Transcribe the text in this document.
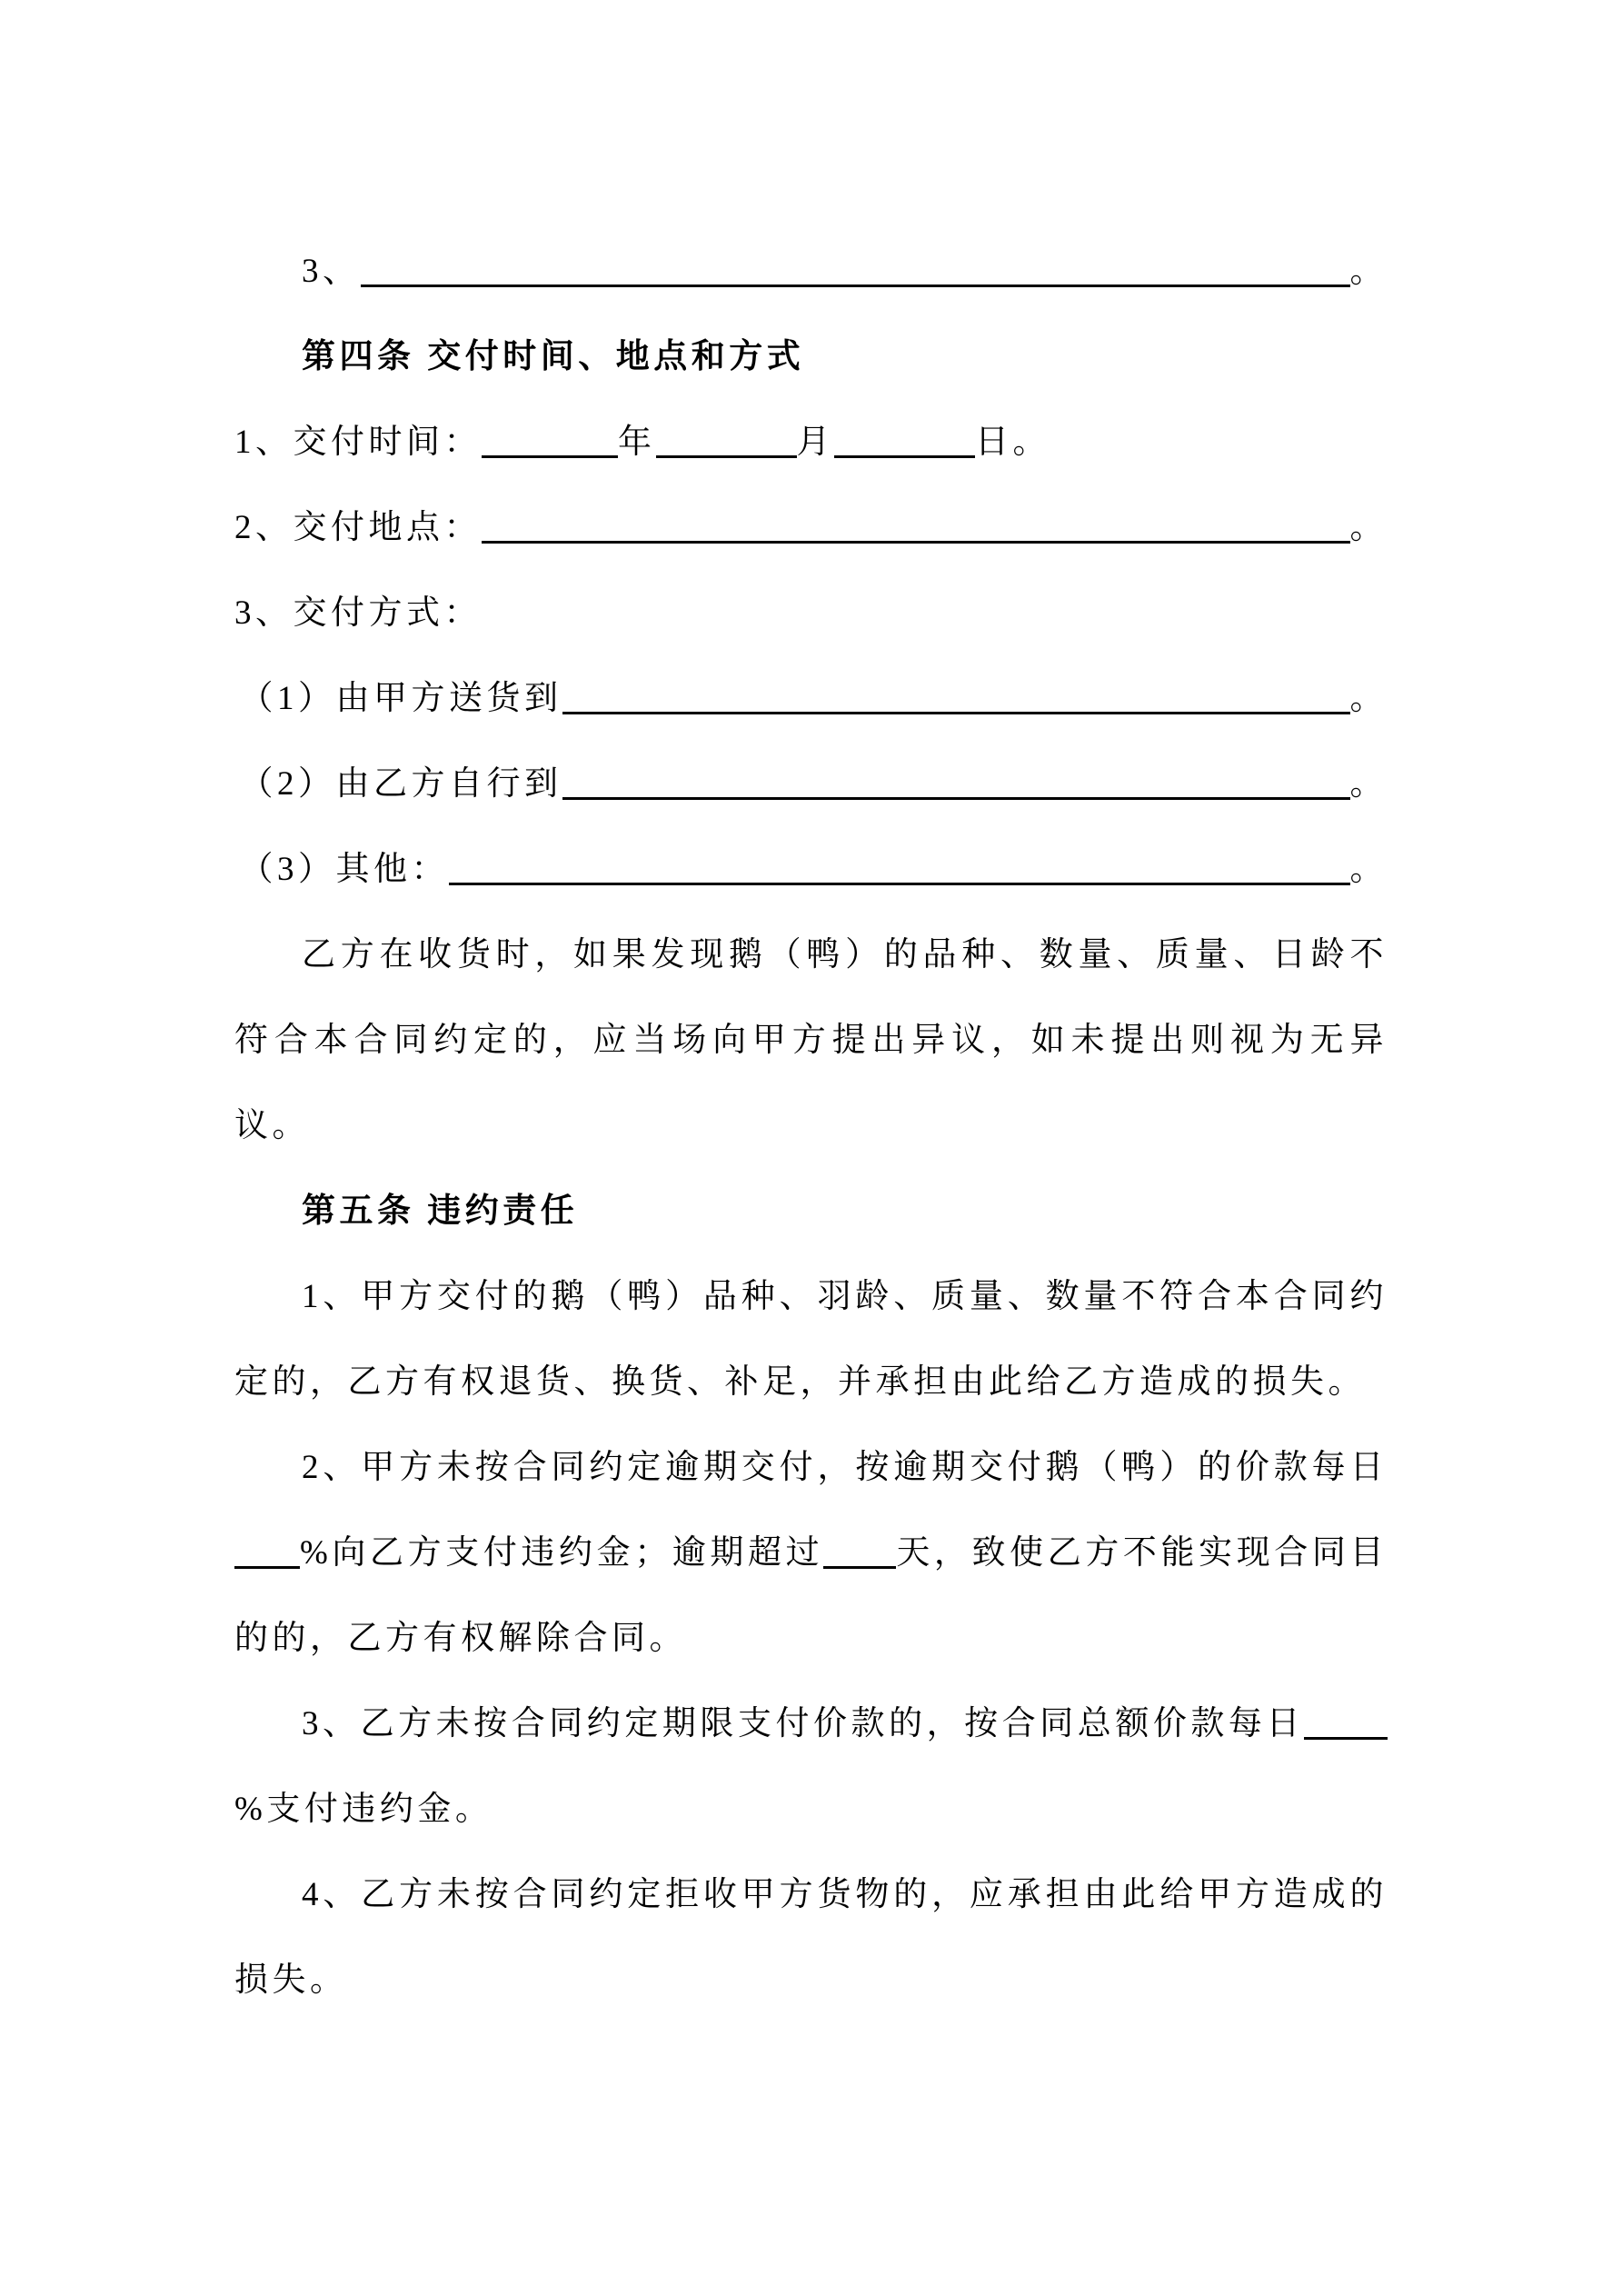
3、	。
第四条 交付时间、地点和方式
1、交付时间：	年	月	日。
2、交付地点：	。
3、交付方式：
（1）由甲方送货到	。
（2）由乙方自行到	。
（3）其他：	。
乙方在收货时，如果发现鹅（鸭）的品种、数量、质量、日龄不符合本合同约定的，应当场向甲方提出异议，如未提出则视为无异议。
第五条 违约责任
1、甲方交付的鹅（鸭）品种、羽龄、质量、数量不符合本合同约定的，乙方有权退货、换货、补足，并承担由此给乙方造成的损失。
2、甲方未按合同约定逾期交付，按逾期交付鹅（鸭）的价款每日%向乙方支付违约金；逾期超过 天，致使乙方不能实现合同目的的，乙方有权解除合同。
3、乙方未按合同约定期限支付价款的，按合同总额价款每日%支付违约金。
4、乙方未按合同约定拒收甲方货物的，应承担由此给甲方造成的损失。
